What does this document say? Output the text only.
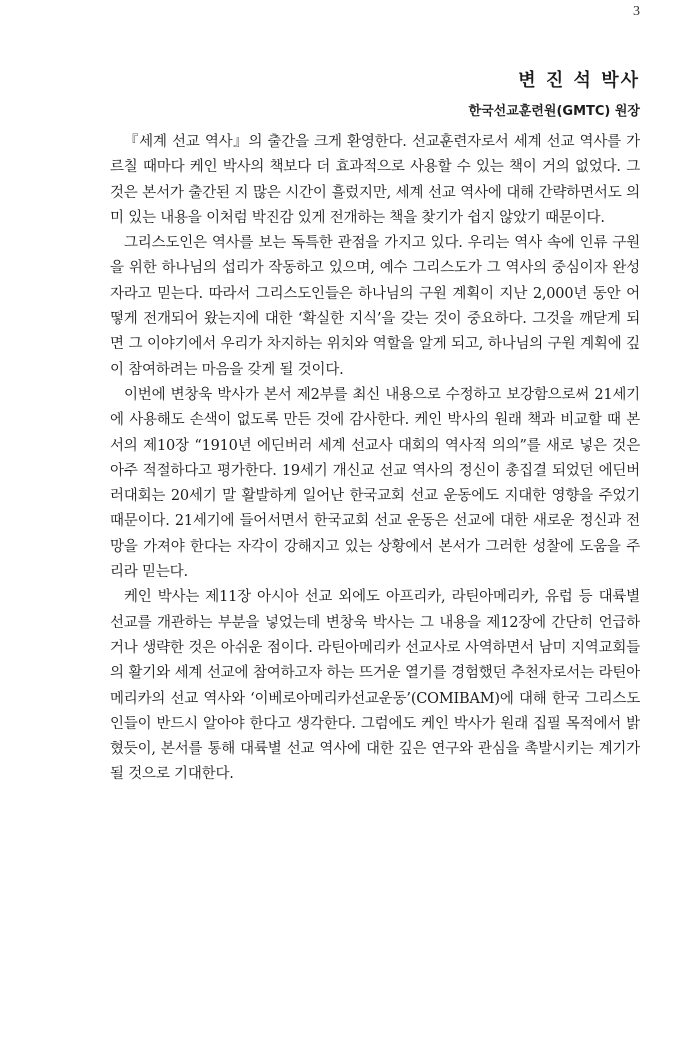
3

변 진 석 박사

한국선교훈련원(GMTC) 원장

『세계 선교 역사』의 출간을 크게 환영한다. 선교훈련자로서 세계 선교 역사를 가르칠 때마다 케인 박사의 책보다 더 효과적으로 사용할 수 있는 책이 거의 없었다. 그것은 본서가 출간된 지 많은 시간이 흘렀지만, 세계 선교 역사에 대해 간략하면서도 의미 있는 내용을 이처럼 박진감 있게 전개하는 책을 찾기가 쉽지 않았기 때문이다.

그리스도인은 역사를 보는 독특한 관점을 가지고 있다. 우리는 역사 속에 인류 구원을 위한 하나님의 섭리가 작동하고 있으며, 예수 그리스도가 그 역사의 중심이자 완성자라고 믿는다. 따라서 그리스도인들은 하나님의 구원 계획이 지난 2,000년 동안 어떻게 전개되어 왔는지에 대한 ‘확실한 지식’을 갖는 것이 중요하다. 그것을 깨닫게 되면 그 이야기에서 우리가 차지하는 위치와 역할을 알게 되고, 하나님의 구원 계획에 깊이 참여하려는 마음을 갖게 될 것이다.

이번에 변창욱 박사가 본서 제2부를 최신 내용으로 수정하고 보강함으로써 21세기에 사용해도 손색이 없도록 만든 것에 감사한다. 케인 박사의 원래 책과 비교할 때 본서의 제10장 “1910년 에딘버러 세계 선교사 대회의 역사적 의의”를 새로 넣은 것은 아주 적절하다고 평가한다. 19세기 개신교 선교 역사의 정신이 총집결 되었던 에딘버러대회는 20세기 말 활발하게 일어난 한국교회 선교 운동에도 지대한 영향을 주었기 때문이다. 21세기에 들어서면서 한국교회 선교 운동은 선교에 대한 새로운 정신과 전망을 가져야 한다는 자각이 강해지고 있는 상황에서 본서가 그러한 성찰에 도움을 주리라 믿는다.

케인 박사는 제11장 아시아 선교 외에도 아프리카, 라틴아메리카, 유럽 등 대륙별 선교를 개관하는 부분을 넣었는데 변창욱 박사는 그 내용을 제12장에 간단히 언급하거나 생략한 것은 아쉬운 점이다. 라틴아메리카 선교사로 사역하면서 남미 지역교회들의 활기와 세계 선교에 참여하고자 하는 뜨거운 열기를 경험했던 추천자로서는 라틴아메리카의 선교 역사와 ‘이베로아메리카선교운동’(COMIBAM)에 대해 한국 그리스도인들이 반드시 알아야 한다고 생각한다. 그럼에도 케인 박사가 원래 집필 목적에서 밝혔듯이, 본서를 통해 대륙별 선교 역사에 대한 깊은 연구와 관심을 촉발시키는 계기가 될 것으로 기대한다.
